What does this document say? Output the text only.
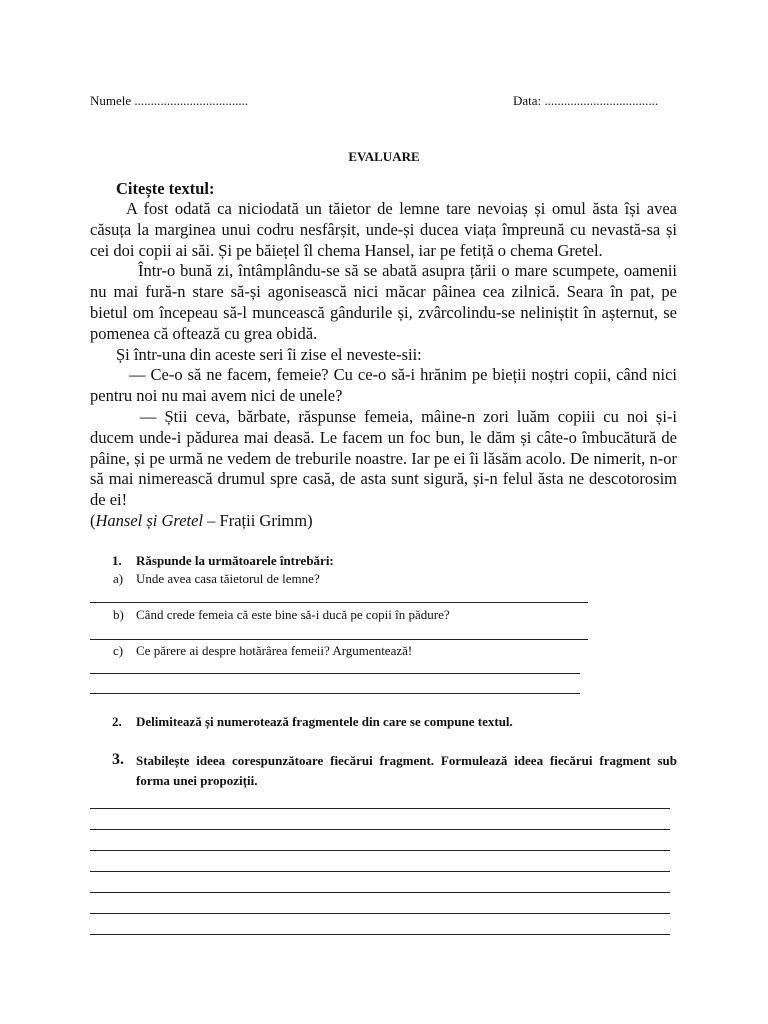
Numele ...................................	Data: ...................................
EVALUARE
Citește textul:

A fost odată ca niciodată un tăietor de lemne tare nevoiaș și omul ăsta își avea căsuța la marginea unui codru nesfârșit, unde-și ducea viața împreună cu nevastă-sa și cei doi copii ai săi. Și pe băiețel îl chema Hansel, iar pe fetiță o chema Gretel.

Într-o bună zi, întâmplându-se să se abată asupra țării o mare scumpete, oamenii nu mai fură-n stare să-și agonisească nici măcar pâinea cea zilnică. Seara în pat, pe bietul om începeau să-l muncească gândurile și, zvârcolindu-se neliniștit în așternut, se pomenea că oftează cu grea obidă.

Și într-una din aceste seri îi zise el neveste-sii:

— Ce-o să ne facem, femeie? Cu ce-o să-i hrănim pe bieții noștri copii, când nici pentru noi nu mai avem nici de unele?

— Știi ceva, bărbate, răspunse femeia, mâine-n zori luăm copiii cu noi și-i ducem unde-i pădurea mai deasă. Le facem un foc bun, le dăm și câte-o îmbucătură de pâine, și pe urmă ne vedem de treburile noastre. Iar pe ei îi lăsăm acolo. De nimerit, n-or să mai nimerească drumul spre casă, de asta sunt sigură, și-n felul ăsta ne descotorosim de ei!

(Hansel și Gretel – Frații Grimm)

1. Răspunde la următoarele întrebări:
a) Unde avea casa tăietorul de lemne?
b) Când crede femeia că este bine să-i ducă pe copii în pădure?
c) Ce părere ai despre hotărârea femeii? Argumentează!
2. Delimitează și numerotează fragmentele din care se compune textul.
3. Stabilește ideea corespunzătoare fiecărui fragment. Formulează ideea fiecărui fragment sub forma unei propoziții.
